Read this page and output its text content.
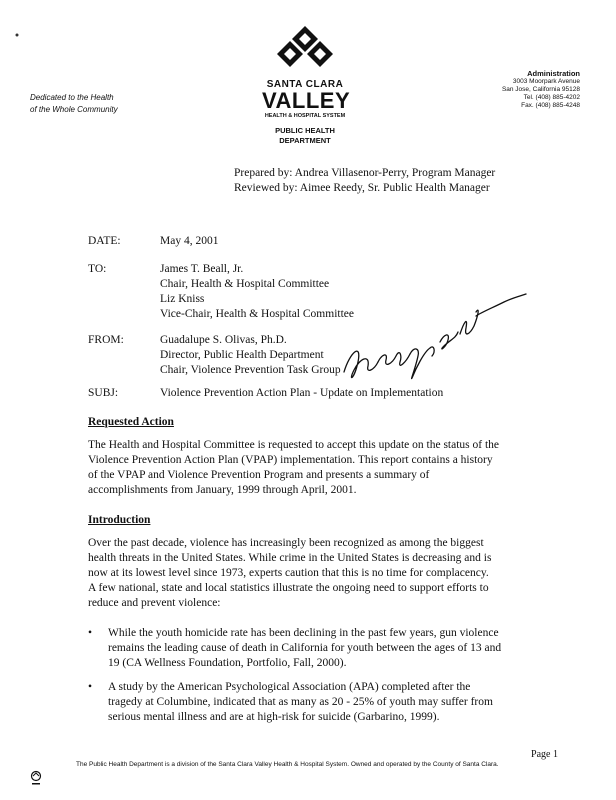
Dedicated to the Health
of the Whole Community
SANTA CLARA
VALLEY
HEALTH & HOSPITAL SYSTEM
PUBLIC HEALTH
DEPARTMENT
Administration
3003 Moorpark Avenue
San Jose, California 95128
Tel. (408) 885-4202
Fax. (408) 885-4248
Prepared by: Andrea Villasenor-Perry, Program Manager
Reviewed by: Aimee Reedy, Sr. Public Health Manager
DATE:	May 4, 2001
TO:	James T. Beall, Jr.
Chair, Health & Hospital Committee
Liz Kniss
Vice-Chair, Health & Hospital Committee
FROM:	Guadalupe S. Olivas, Ph.D.
Director, Public Health Department
Chair, Violence Prevention Task Group
SUBJ:	Violence Prevention Action Plan - Update on Implementation
Requested Action
The Health and Hospital Committee is requested to accept this update on the status of the
Violence Prevention Action Plan (VPAP) implementation. This report contains a history
of the VPAP and Violence Prevention Program and presents a summary of
accomplishments from January, 1999 through April, 2001.
Introduction
Over the past decade, violence has increasingly been recognized as among the biggest
health threats in the United States. While crime in the United States is decreasing and is
now at its lowest level since 1973, experts caution that this is no time for complacency.
A few national, state and local statistics illustrate the ongoing need to support efforts to
reduce and prevent violence:
• While the youth homicide rate has been declining in the past few years, gun violence
remains the leading cause of death in California for youth between the ages of 13 and
19 (CA Wellness Foundation, Portfolio, Fall, 2000).
• A study by the American Psychological Association (APA) completed after the
tragedy at Columbine, indicated that as many as 20 - 25% of youth may suffer from
serious mental illness and are at high-risk for suicide (Garbarino, 1999).
Page 1
The Public Health Department is a division of the Santa Clara Valley Health & Hospital System. Owned and operated by the County of Santa Clara.
